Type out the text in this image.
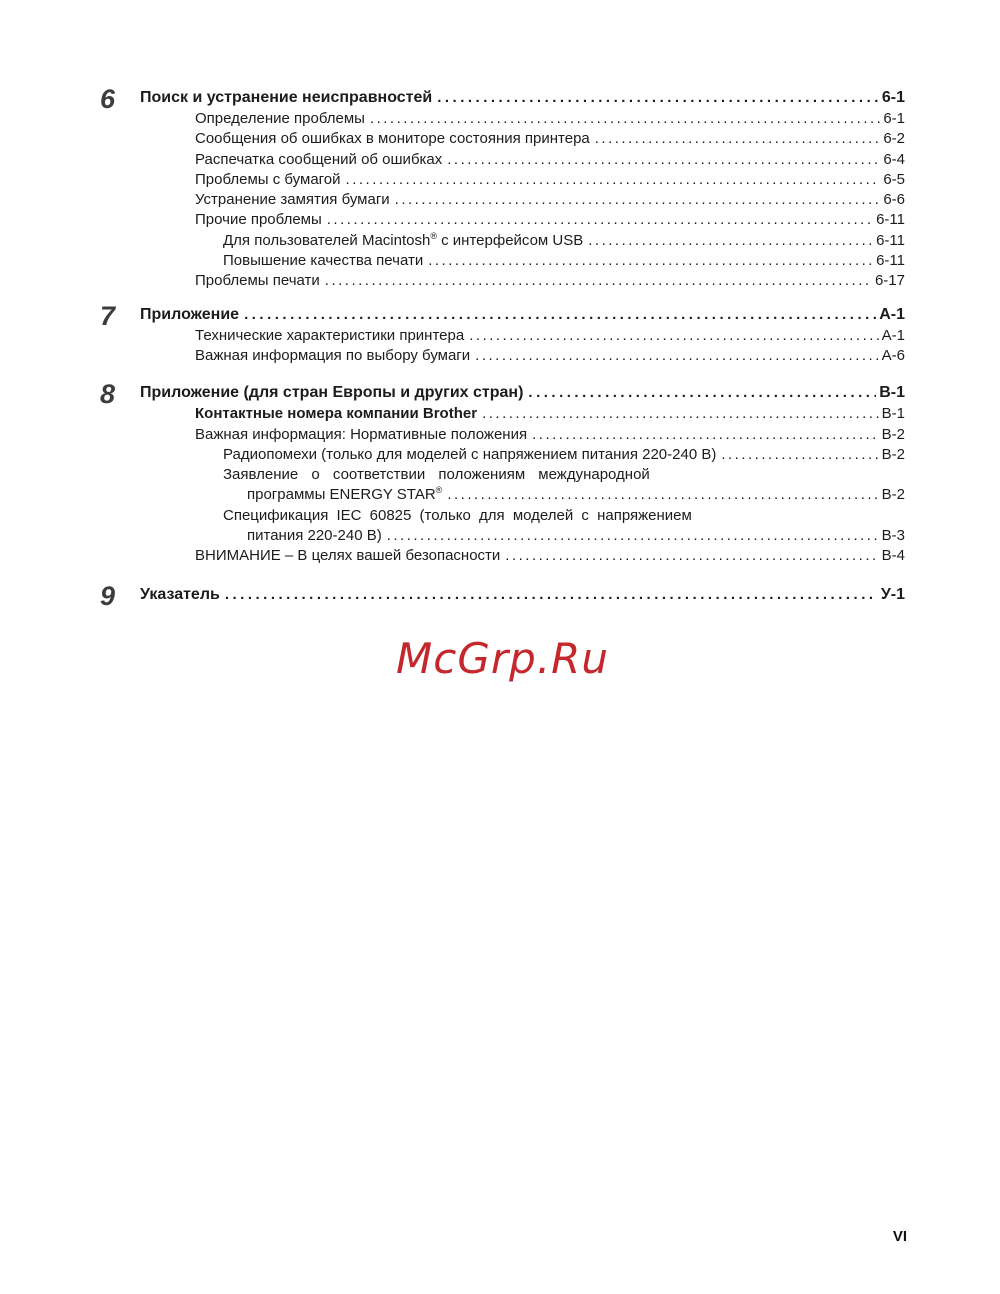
6	Поиск и устранение неисправностей .....	6-1
Определение проблемы .....	6-1
Сообщения об ошибках в мониторе состояния принтера .....	6-2
Распечатка сообщений об ошибках .....	6-4
Проблемы с бумагой .....	6-5
Устранение замятия бумаги .....	6-6
Прочие проблемы .....	6-11
Для пользователей Macintosh® с интерфейсом USB .....	6-11
Повышение качества печати .....	6-11
Проблемы печати .....	6-17
7	Приложение .....	A-1
Технические характеристики принтера .....	A-1
Важная информация по выбору бумаги .....	A-6
8	Приложение (для стран Европы и других стран) .....	B-1
Контактные номера компании Brother .....	B-1
Важная информация: Нормативные положения .....	B-2
Радиопомехи (только для моделей с напряжением питания 220-240 В) .....	B-2
Заявление о соответствии положениям международной
программы ENERGY STAR® .....	B-2
Спецификация IEC 60825 (только для моделей с напряжением
питания 220-240 В) .....	B-3
ВНИМАНИЕ – В целях вашей безопасности .....	B-4
9	Указатель .....	У-1
McGrp.Ru
VI
